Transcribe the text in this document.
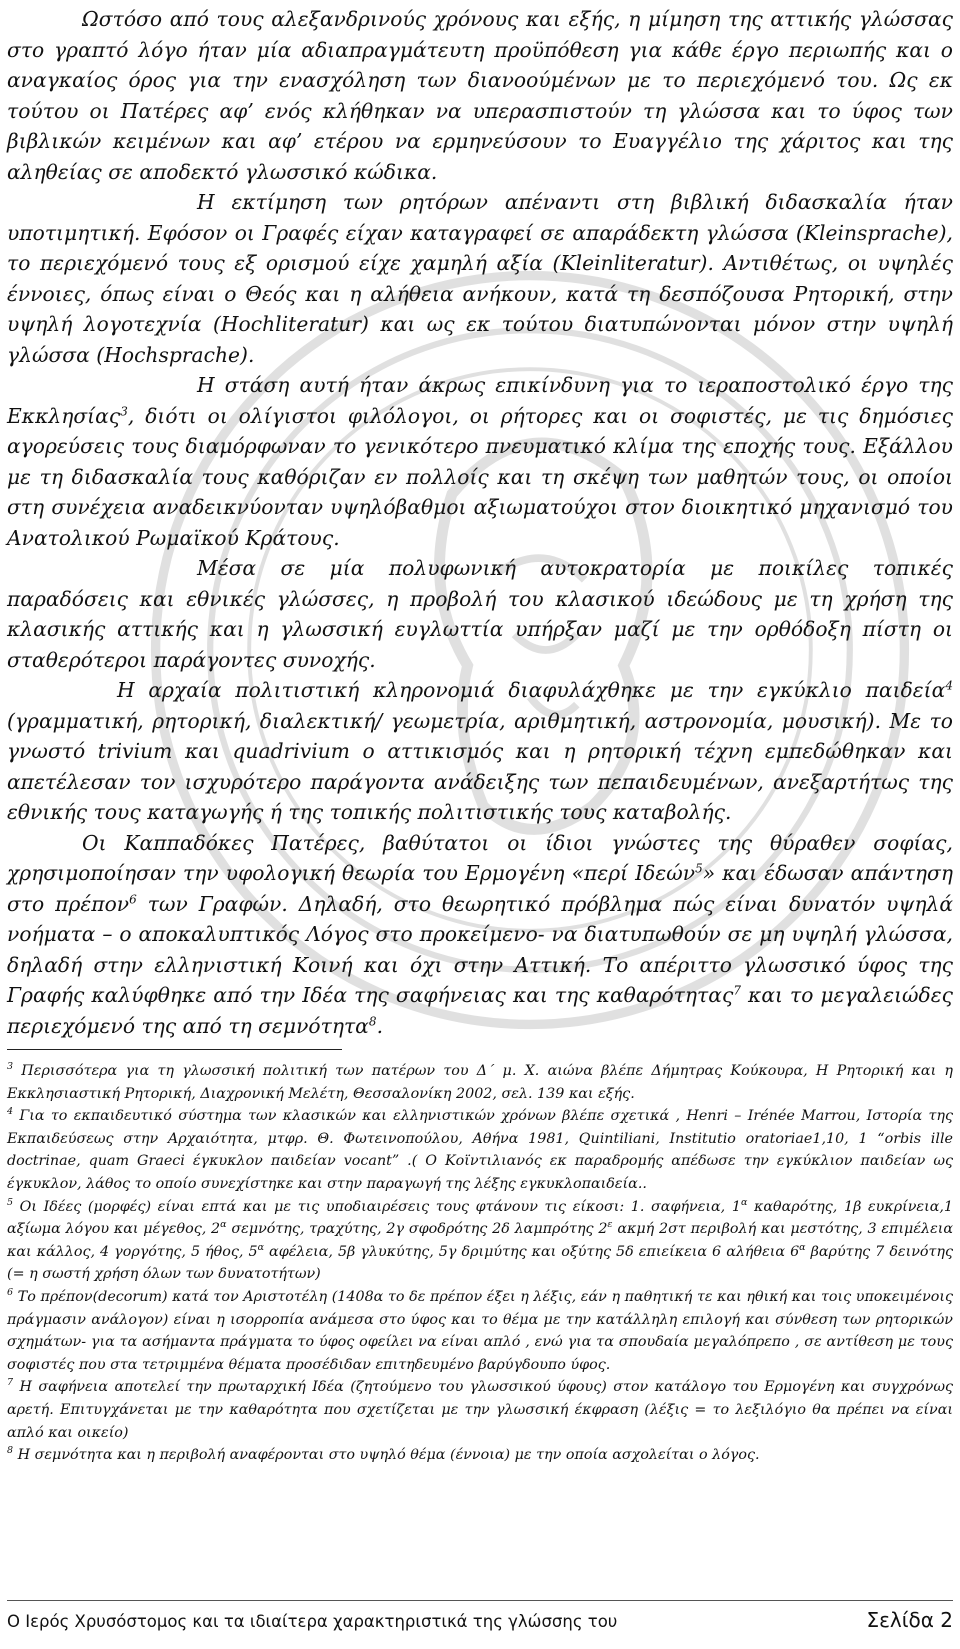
Ωστόσο από τους αλεξανδρινούς χρόνους και εξής, η μίμηση της αττικής γλώσσας στο γραπτό λόγο ήταν μία αδιαπραγμάτευτη προϋπόθεση για κάθε έργο περιωπής και ο αναγκαίος όρος για την ενασχόληση των διανοούμένων με το περιεχόμενό του. Ως εκ τούτου οι Πατέρες αφ’ ενός κλήθηκαν να υπερασπιστούν τη γλώσσα και το ύφος των βιβλικών κειμένων και αφ’ ετέρου να ερμηνεύσουν το Ευαγγέλιο της χάριτος και της αληθείας σε αποδεκτό γλωσσικό κώδικα.

Η εκτίμηση των ρητόρων απέναντι στη βιβλική διδασκαλία ήταν υποτιμητική. Εφόσον οι Γραφές είχαν καταγραφεί σε απαράδεκτη γλώσσα (Kleinsprache), το περιεχόμενό τους εξ ορισμού είχε χαμηλή αξία (Kleinliteratur). Αντιθέτως, οι υψηλές έννοιες, όπως είναι ο Θεός και η αλήθεια ανήκουν, κατά τη δεσπόζουσα Ρητορική, στην υψηλή λογοτεχνία (Hochliteratur) και ως εκ τούτου διατυπώνονται μόνον στην υψηλή γλώσσα (Hochsprache).

Η στάση αυτή ήταν άκρως επικίνδυνη για το ιεραποστολικό έργο της Εκκλησίας$^3$, διότι οι ολίγιστοι φιλόλογοι, οι ρήτορες και οι σοφιστές, με τις δημόσιες αγορεύσεις τους διαμόρφωναν το γενικότερο πνευματικό κλίμα της εποχής τους. Εξάλλου με τη διδασκαλία τους καθόριζαν εν πολλοίς και τη σκέψη των μαθητών τους, οι οποίοι στη συνέχεια αναδεικνύονταν υψηλόβαθμοι αξιωματούχοι στον διοικητικό μηχανισμό του Ανατολικού Ρωμαϊκού Κράτους.

Μέσα σε μία πολυφωνική αυτοκρατορία με ποικίλες τοπικές παραδόσεις και εθνικές γλώσσες, η προβολή του κλασικού ιδεώδους με τη χρήση της κλασικής αττικής και η γλωσσική ευγλωττία υπήρξαν μαζί με την ορθόδοξη πίστη οι σταθερότεροι παράγοντες συνοχής.

Η αρχαία πολιτιστική κληρονομιά διαφυλάχθηκε με την εγκύκλιο παιδεία$^4$ (γραμματική, ρητορική, διαλεκτική/ γεωμετρία, αριθμητική, αστρονομία, μουσική). Με το γνωστό trivium και quadrivium ο αττικισμός και η ρητορική τέχνη εμπεδώθηκαν και απετέλεσαν τον ισχυρότερο παράγοντα ανάδειξης των πεπαιδευμένων, ανεξαρτήτως της εθνικής τους καταγωγής ή της τοπικής πολιτιστικής τους καταβολής.

Οι Καππαδόκες Πατέρες, βαθύτατοι οι ίδιοι γνώστες της θύραθεν σοφίας, χρησιμοποίησαν την υφολογική θεωρία του Ερμογένη «περί Ιδεών$^5$» και έδωσαν απάντηση στο πρέπον$^6$ των Γραφών. Δηλαδή, στο θεωρητικό πρόβλημα πώς είναι δυνατόν υψηλά νοήματα – ο αποκαλυπτικός Λόγος στο προκείμενο- να διατυπωθούν σε μη υψηλή γλώσσα, δηλαδή στην ελληνιστική Κοινή και όχι στην Αττική. Το απέριττο γλωσσικό ύφος της Γραφής καλύφθηκε από την Ιδέα της σαφήνειας και της καθαρότητας$^7$ και το μεγαλειώδες περιεχόμενό της από τη σεμνότητα$^8$.

$^3$ Περισσότερα για τη γλωσσική πολιτική των πατέρων του Δ΄ μ. Χ. αιώνα βλέπε Δήμητρας Κούκουρα, Η Ρητορική και η Εκκλησιαστική Ρητορική, Διαχρονική Μελέτη, Θεσσαλονίκη 2002, σελ. 139 και εξής.

$^4$ Για το εκπαιδευτικό σύστημα των κλασικών και ελληνιστικών χρόνων βλέπε σχετικά , Henri – Irénée Marrou, Ιστορία της Εκπαιδεύσεως στην Αρχαιότητα, μτφρ. Θ. Φωτεινοπούλου, Αθήνα 1981, Quintiliani, Institutio oratoriae1,10, 1 “orbis ille doctrinae, quam Graeci έγκυκλον παιδείαν vocant” .( Ο Κοϊντιλιανός εκ παραδρομής απέδωσε την εγκύκλιον παιδείαν ως έγκυκλον, λάθος το οποίο συνεχίστηκε και στην παραγωγή της λέξης εγκυκλοπαιδεία..

$^5$ Οι Ιδέες (μορφές) είναι επτά και με τις υποδιαιρέσεις τους φτάνουν τις είκοσι: 1. σαφήνεια, $1^\alpha$ καθαρότης, 1β ευκρίνεια,1 αξίωμα λόγου και μέγεθος, $2^\alpha$ σεμνότης, τραχύτης, 2γ σφοδρότης 2δ λαμπρότης $2^\varepsilon$ ακμή 2στ περιβολή και μεστότης, 3 επιμέλεια και κάλλος, 4 γοργότης, 5 ήθος, $5^\alpha$ αφέλεια, 5β γλυκύτης, 5γ δριμύτης και οξύτης 5δ επιείκεια 6 αλήθεια $6^\alpha$ βαρύτης 7 δεινότης (= η σωστή χρήση όλων των δυνατοτήτων)

$^6$ Το πρέπον(decorum) κατά τον Αριστοτέλη (1408α το δε πρέπον έξει η λέξις, εάν η παθητική τε και ηθική και τοις υποκειμένοις πράγμασιν ανάλογον) είναι η ισορροπία ανάμεσα στο ύφος και το θέμα με την κατάλληλη επιλογή και σύνθεση των ρητορικών σχημάτων- για τα ασήμαντα πράγματα το ύφος οφείλει να είναι απλό , ενώ για τα σπουδαία μεγαλόπρεπο , σε αντίθεση με τους σοφιστές που στα τετριμμένα θέματα προσέδιδαν επιτηδευμένο βαρύγδουπο ύφος.

$^7$ Η σαφήνεια αποτελεί την πρωταρχική Ιδέα (ζητούμενο του γλωσσικού ύφους) στον κατάλογο του Ερμογένη και συγχρόνως αρετή. Επιτυγχάνεται με την καθαρότητα που σχετίζεται με την γλωσσική έκφραση (λέξις = το λεξιλόγιο θα πρέπει να είναι απλό και οικείο)

$^8$ Η σεμνότητα και η περιβολή αναφέρονται στο υψηλό θέμα (έννοια) με την οποία ασχολείται ο λόγος.

Ο Ιερός Χρυσόστομος και τα ιδιαίτερα χαρακτηριστικά της γλώσσης του	Σελίδα 2
